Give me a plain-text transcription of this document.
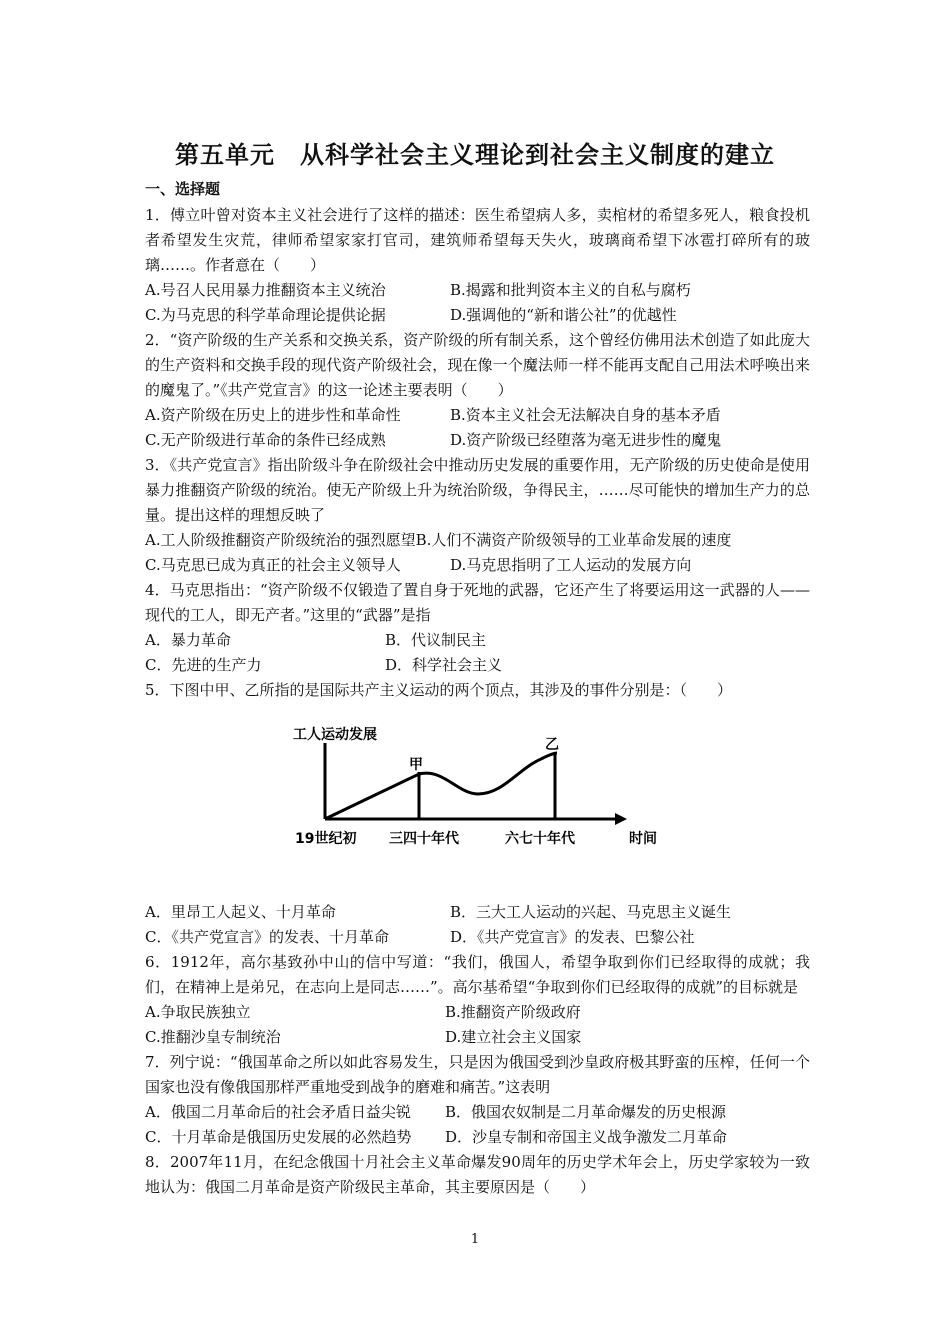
第五单元　从科学社会主义理论到社会主义制度的建立
一、选择题

1．傅立叶曾对资本主义社会进行了这样的描述：医生希望病人多，卖棺材的希望多死人，粮食投机者希望发生灾荒，律师希望家家打官司，建筑师希望每天失火，玻璃商希望下冰雹打碎所有的玻璃……。作者意在（　　）

A.号召人民用暴力推翻资本主义统治	B.揭露和批判资本主义的自私与腐朽
C.为马克思的科学革命理论提供论据	D.强调他的“新和谐公社”的优越性

2．“资产阶级的生产关系和交换关系，资产阶级的所有制关系，这个曾经仿佛用法术创造了如此庞大的生产资料和交换手段的现代资产阶级社会，现在像一个魔法师一样不能再支配自己用法术呼唤出来的魔鬼了。”《共产党宣言》的这一论述主要表明（　　）

A.资产阶级在历史上的进步性和革命性	B.资本主义社会无法解决自身的基本矛盾
C.无产阶级进行革命的条件已经成熟	D.资产阶级已经堕落为毫无进步性的魔鬼

3．《共产党宣言》指出阶级斗争在阶级社会中推动历史发展的重要作用，无产阶级的历史使命是使用暴力推翻资产阶级的统治。使无产阶级上升为统治阶级，争得民主，……尽可能快的增加生产力的总量。提出这样的理想反映了

A.工人阶级推翻资产阶级统治的强烈愿望 B.人们不满资产阶级领导的工业革命发展的速度
C.马克思已成为真正的社会主义领导人	D.马克思指明了工人运动的发展方向

4．马克思指出：“资产阶级不仅锻造了置自身于死地的武器，它还产生了将要运用这一武器的人——现代的工人，即无产者。”这里的“武器”是指

A．暴力革命	B．代议制民主
C．先进的生产力	D．科学社会主义

5．下图中甲、乙所指的是国际共产主义运动的两个顶点，其涉及的事件分别是：（　　）

工人运动发展
甲
乙
19世纪初 三四十年代	六七十年代	时间
A．里昂工人起义、十月革命	B．三大工人运动的兴起、马克思主义诞生
C．《共产党宣言》的发表、十月革命	D．《共产党宣言》的发表、巴黎公社

6．1912年，高尔基致孙中山的信中写道：“我们，俄国人，希望争取到你们已经取得的成就；我们，在精神上是弟兄，在志向上是同志……”。高尔基希望“争取到你们已经取得的成就”的目标就是

A.争取民族独立	B.推翻资产阶级政府
C.推翻沙皇专制统治	D.建立社会主义国家

7．列宁说：“俄国革命之所以如此容易发生，只是因为俄国受到沙皇政府极其野蛮的压榨，任何一个国家也没有像俄国那样严重地受到战争的磨难和痛苦。”这表明

A．俄国二月革命后的社会矛盾日益尖锐	B．俄国农奴制是二月革命爆发的历史根源
C．十月革命是俄国历史发展的必然趋势	D．沙皇专制和帝国主义战争激发二月革命

8．2007年11月，在纪念俄国十月社会主义革命爆发90周年的历史学术年会上，历史学家较为一致地认为：俄国二月革命是资产阶级民主革命，其主要原因是（　　）

1
